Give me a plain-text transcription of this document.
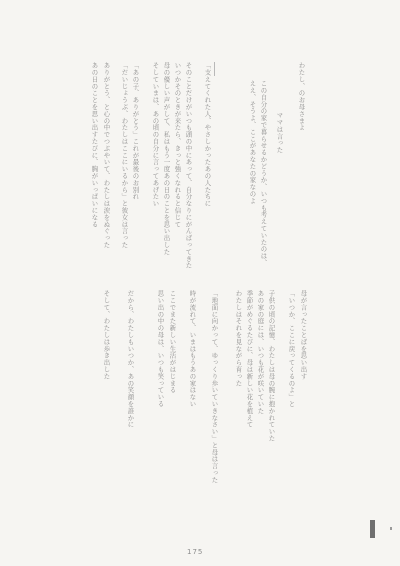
わたし、のお母さまよ
ママは言った
この自分の家で暮らせるかどうか、いつも考えていたのは、
ええ、そうよ、ここがあなたの家なのよ
「支えてくれた人、やさしかったあの人たちに
そのことだけがいつも頭の中にあって、自分なりにがんばってきた
いつかそのときが来たら、きっと強くなれると信じて
母の優しい声がして、私はもう一度あの日のことを思い出した
そしていまは、あの頃の自分に言ってあげたい
「あの子、ありがとう」これが最後のお別れ
「だいじょうぶ、わたしはここにいるから」と彼女は言った
ありがとう、と心の中でつぶやいて、わたしは涙をぬぐった
あの日のことを思い出すたびに、胸がいっぱいになる
母が言ったことばを思い出す
「いつか、ここに戻ってくるのよ」と
子供の頃の記憶、わたしは母の腕に抱かれていた
あの家の庭には、いつも花が咲いていた
季節がめぐるたびに、母は新しい花を植えて
わたしはそれを見ながら育った
「地面に向かって、ゆっくり歩いていきなさい」と母は言った
時が流れて、いまはもうあの家はない
ここでまた新しい生活がはじまる
思い出の中の母は、いつも笑っている
だから、わたしもいつか、あの笑顔を誰かに
そして、わたしは歩き出した
175
